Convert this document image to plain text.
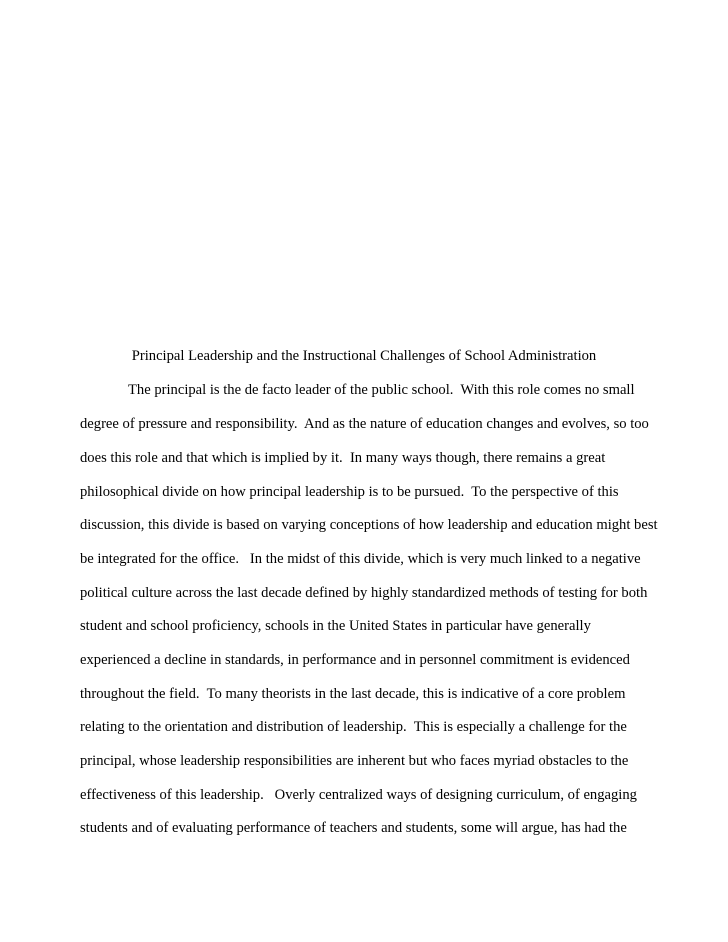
Principal Leadership and the Instructional Challenges of School Administration
The principal is the de facto leader of the public school.  With this role comes no small
degree of pressure and responsibility.  And as the nature of education changes and evolves, so too
does this role and that which is implied by it.  In many ways though, there remains a great
philosophical divide on how principal leadership is to be pursued.  To the perspective of this
discussion, this divide is based on varying conceptions of how leadership and education might best
be integrated for the office.   In the midst of this divide, which is very much linked to a negative
political culture across the last decade defined by highly standardized methods of testing for both
student and school proficiency, schools in the United States in particular have generally
experienced a decline in standards, in performance and in personnel commitment is evidenced
throughout the field.  To many theorists in the last decade, this is indicative of a core problem
relating to the orientation and distribution of leadership.  This is especially a challenge for the
principal, whose leadership responsibilities are inherent but who faces myriad obstacles to the
effectiveness of this leadership.   Overly centralized ways of designing curriculum, of engaging
students and of evaluating performance of teachers and students, some will argue, has had the
